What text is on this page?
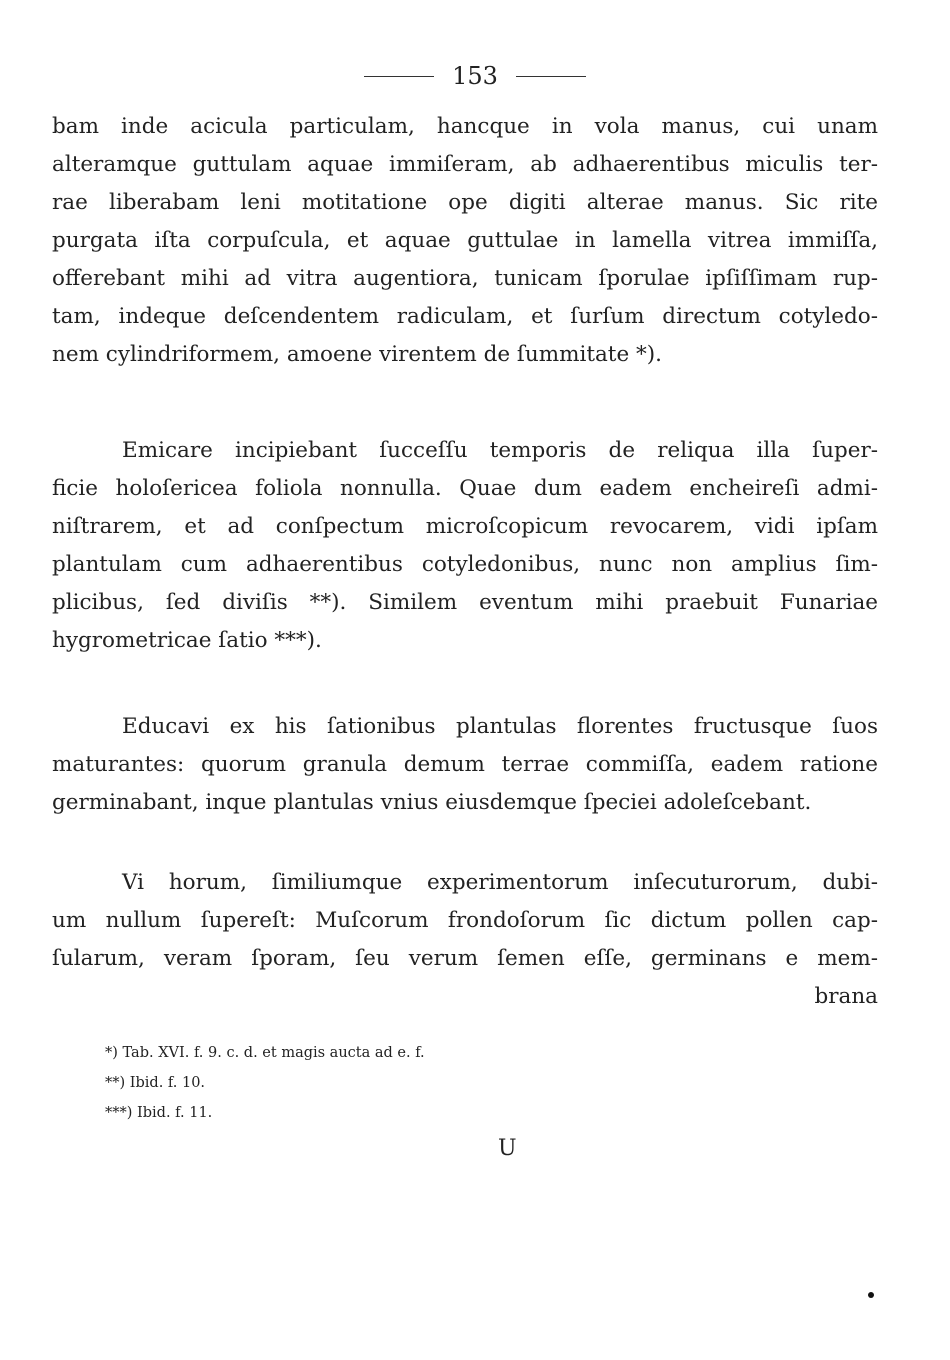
153
bam inde acicula particulam, hancque in vola manus, cui unam
alteramque guttulam aquae immiſeram, ab adhaerentibus miculis ter-
rae liberabam leni motitatione ope digiti alterae manus. Sic rite
purgata iſta corpuſcula, et aquae guttulae in lamella vitrea immiſſa,
offerebant mihi ad vitra augentiora, tunicam ſporulae ipſiſſimam rup-
tam, indeque deſcendentem radiculam, et ſurſum directum cotyledo-
nem cylindriformem, amoene virentem de ſummitate *).
Emicare incipiebant ſucceſſu temporis de reliqua illa ſuper-
ficie holoſericea foliola nonnulla. Quae dum eadem encheireſi admi-
niſtrarem, et ad conſpectum microſcopicum revocarem, vidi ipſam
plantulam cum adhaerentibus cotyledonibus, nunc non amplius ſim-
plicibus, ſed diviſis **). Similem eventum mihi praebuit Funariae
hygrometricae ſatio ***).
Educavi ex his ſationibus plantulas florentes fructusque ſuos
maturantes: quorum granula demum terrae commiſſa, eadem ratione
germinabant, inque plantulas vnius eiusdemque ſpeciei adoleſcebant.
Vi horum, ſimiliumque experimentorum inſecuturorum, dubi-
um nullum ſupereſt: Muſcorum frondoſorum ſic dictum pollen cap-
ſularum, veram ſporam, ſeu verum ſemen eſſe, germinans e mem-
brana
*) Tab. XVI. f. 9. c. d. et magis aucta ad e. f.
**) Ibid. f. 10.
***) Ibid. f. 11.
U
